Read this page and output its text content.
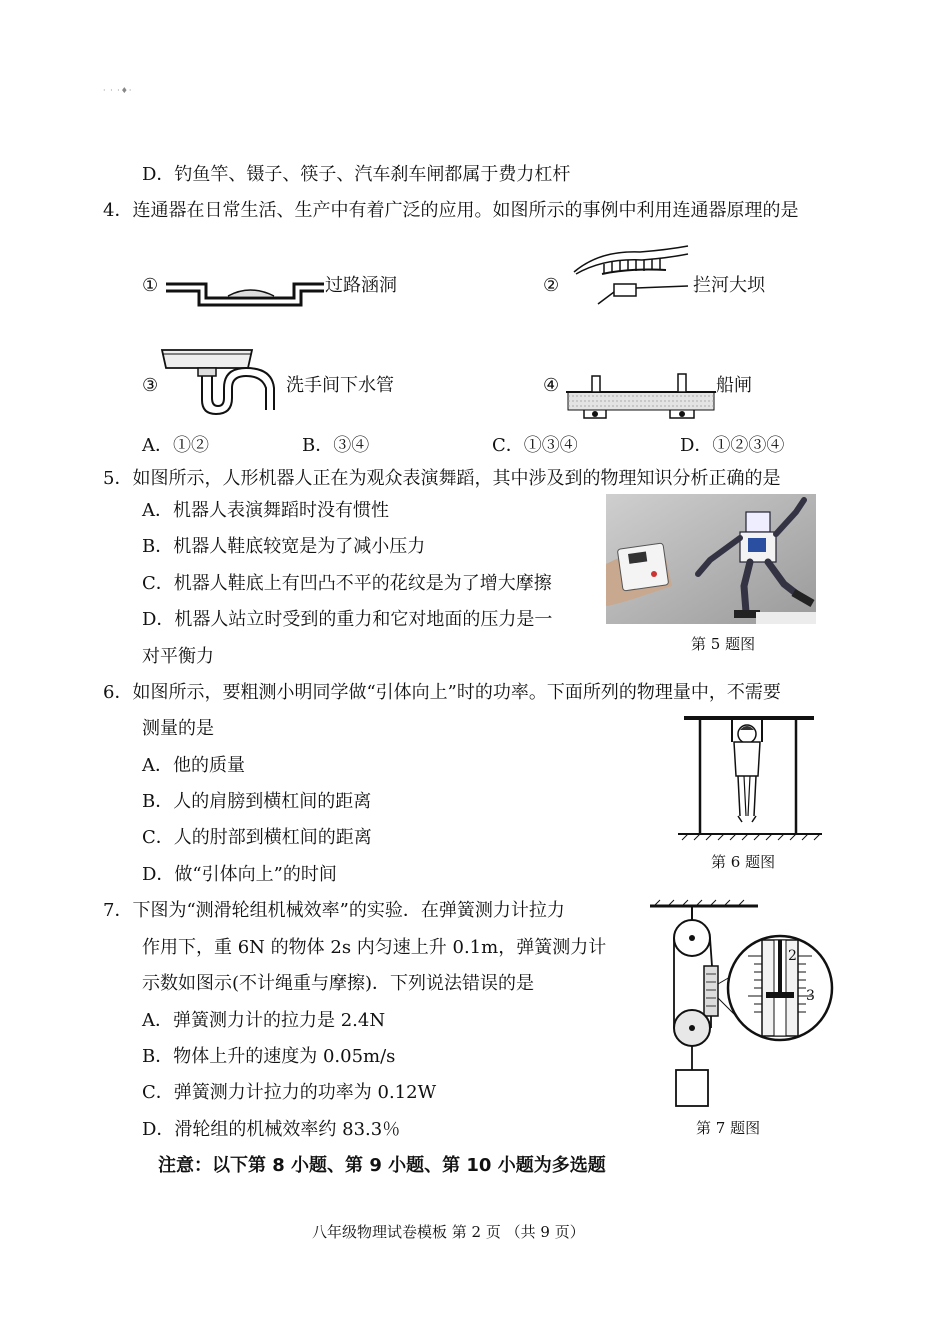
· · ·♦·
D．钓鱼竿、镊子、筷子、汽车刹车闸都属于费力杠杆
4．连通器在日常生活、生产中有着广泛的应用。如图所示的事例中利用连通器原理的是
①	过路涵洞	②	拦河大坝
③	洗手间下水管	④	船闸
A．①②	B．③④	C．①③④	D．①②③④
5．如图所示，人形机器人正在为观众表演舞蹈，其中涉及到的物理知识分析正确的是
A．机器人表演舞蹈时没有惯性
B．机器人鞋底较宽是为了减小压力
C．机器人鞋底上有凹凸不平的花纹是为了增大摩擦
D．机器人站立时受到的重力和它对地面的压力是一
对平衡力
第 5 题图
6．如图所示，要粗测小明同学做“引体向上”时的功率。下面所列的物理量中，不需要
测量的是
A．他的质量
B．人的肩膀到横杠间的距离
C．人的肘部到横杠间的距离
D．做“引体向上”的时间
第 6 题图
7．下图为“测滑轮组机械效率”的实验．在弹簧测力计拉力
作用下，重 6N 的物体 2s 内匀速上升 0.1m，弹簧测力计
示数如图示(不计绳重与摩擦)．下列说法错误的是
A．弹簧测力计的拉力是 2.4N
B．物体上升的速度为 0.05m/s
C．弹簧测力计拉力的功率为 0.12W
D．滑轮组的机械效率约 83.3％
2
3
第 7 题图
注意：以下第 8 小题、第 9 小题、第 10 小题为多选题
八年级物理试卷模板 第 2 页 （共 9 页）
